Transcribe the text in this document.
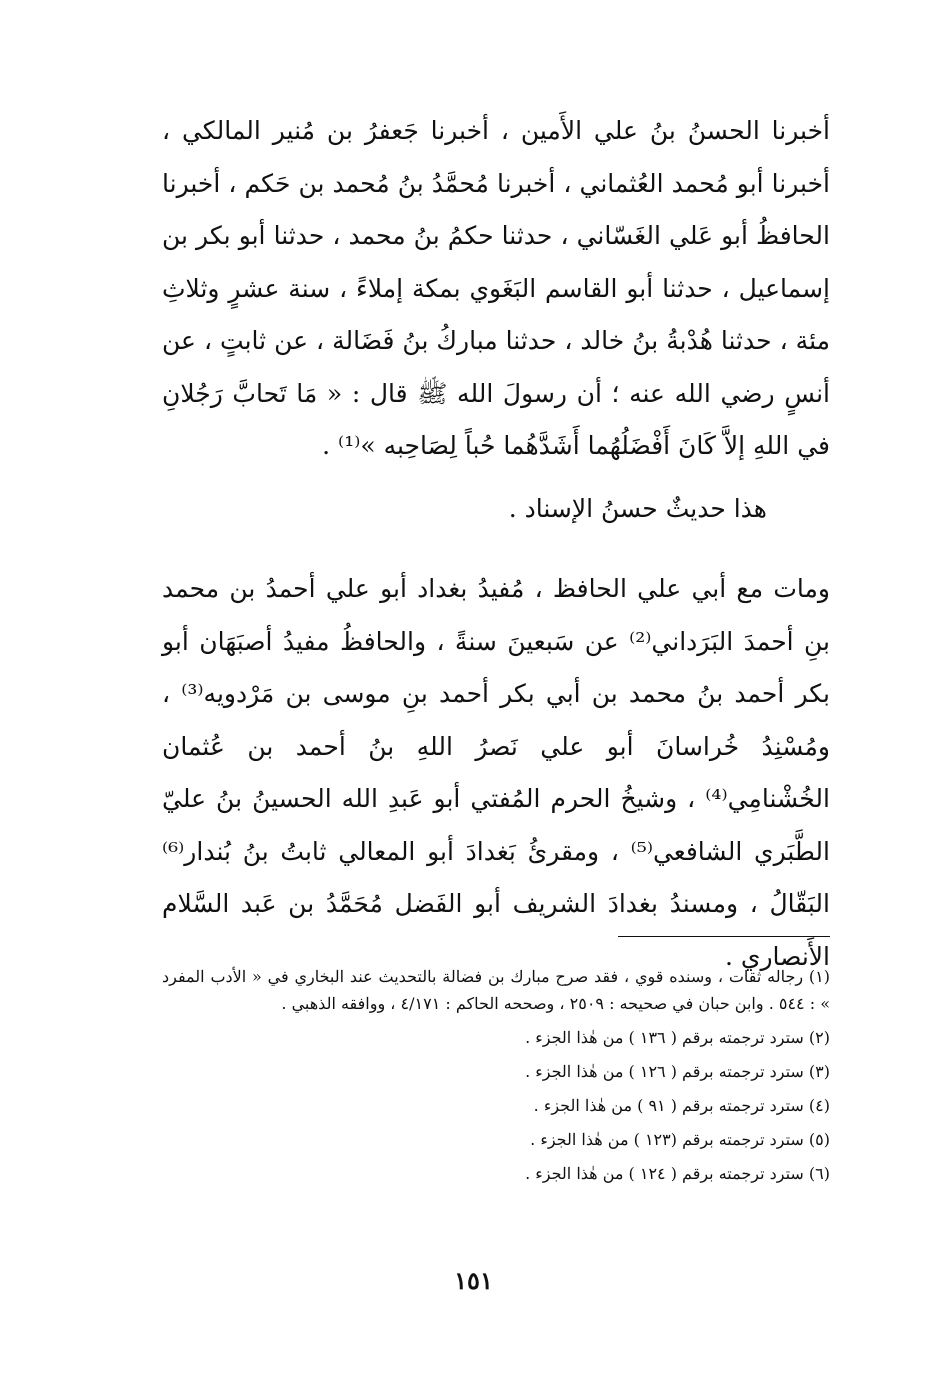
أخبرنا الحسنُ بنُ علي الأَمين ، أخبرنا جَعفرُ بن مُنير المالكي ، أخبرنا أبو مُحمد العُثماني ، أخبرنا مُحمَّدُ بنُ مُحمد بن حَكم ، أخبرنا الحافظُ أبو عَلي الغَسّاني ، حدثنا حكمُ بنُ محمد ، حدثنا أبو بكر بن إسماعيل ، حدثنا أبو القاسم البَغَوي بمكة إملاءً ، سنة عشرٍ وثلاثِ مئة ، حدثنا هُدْبةُ بنُ خالد ، حدثنا مباركُ بنُ فَضَالة ، عن ثابتٍ ، عن أنسٍ رضي الله عنه ؛ أن رسولَ الله ﷺ قال : « مَا تَحابَّ رَجُلانِ في اللهِ إلاَّ كَانَ أَفْضَلُهُما أَشَدَّهُما حُباً لِصَاحِبه »⁽¹⁾ .

هذا حديثٌ حسنُ الإسناد .

ومات مع أبي علي الحافظ ، مُفيدُ بغداد أبو علي أحمدُ بن محمد بنِ أحمدَ البَرَداني⁽²⁾ عن سَبعينَ سنةً ، والحافظُ مفيدُ أصبَهَان أبو بكر أحمد بنُ محمد بن أبي بكر أحمد بنِ موسى بن مَرْدويه⁽³⁾ ، ومُسْنِدُ خُراسانَ أبو علي نَصرُ اللهِ بنُ أحمد بن عُثمان الخُشْنامِي⁽⁴⁾ ، وشيخُ الحرم المُفتي أبو عَبدِ الله الحسينُ بنُ عليّ الطَّبَري الشافعي⁽⁵⁾ ، ومقرئُ بَغدادَ أبو المعالي ثابتُ بنُ بُندار⁽⁶⁾ البَقّالُ ، ومسندُ بغدادَ الشريف أبو الفَضل مُحَمَّدُ بن عَبد السَّلام الأَنصاري .

(١) رجاله ثقات ، وسنده قوي ، فقد صرح مبارك بن فضالة بالتحديث عند البخاري في « الأدب المفرد » : ٥٤٤ . وابن حبان في صحيحه : ٢٥٠٩ ، وصححه الحاكم : ٤/١٧١ ، ووافقه الذهبي .
(٢) سترد ترجمته برقم ( ١٣٦ ) من هٰذا الجزء .
(٣) سترد ترجمته برقم ( ١٢٦ ) من هٰذا الجزء .
(٤) سترد ترجمته برقم ( ٩١ ) من هٰذا الجزء .
(٥) سترد ترجمته برقم (١٢٣ ) من هٰذا الجزء .
(٦) سترد ترجمته برقم ( ١٢٤ ) من هٰذا الجزء .
١٥١
